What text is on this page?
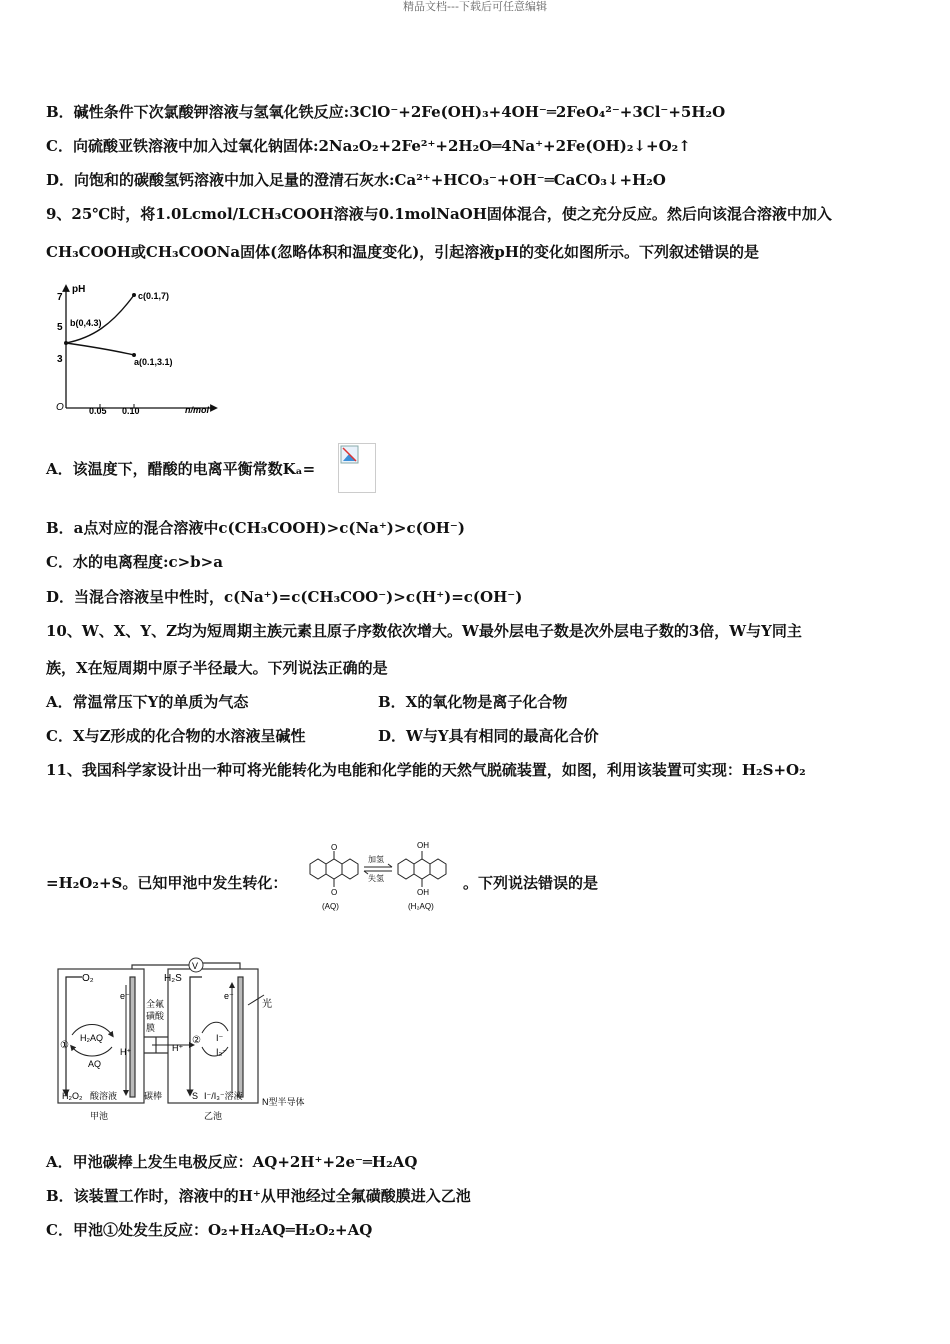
精品文档---下载后可任意编辑
B．碱性条件下次氯酸钾溶液与氢氧化铁反应:3ClO⁻+2Fe(OH)₃+4OH⁻═2FeO₄²⁻+3Cl⁻+5H₂O
C．向硫酸亚铁溶液中加入过氧化钠固体:2Na₂O₂+2Fe²⁺+2H₂O═4Na⁺+2Fe(OH)₂↓+O₂↑
D．向饱和的碳酸氢钙溶液中加入足量的澄清石灰水:Ca²⁺+HCO₃⁻+OH⁻═CaCO₃↓+H₂O
9、25℃时，将1.0Lcmol/LCH₃COOH溶液与0.1molNaOH固体混合，使之充分反应。然后向该混合溶液中加入
CH₃COOH或CH₃COONa固体(忽略体积和温度变化)，引起溶液pH的变化如图所示。下列叙述错误的是
pH
n/mol
O
7
5
3
0.05 0.10
b(0,4.3)
c(0.1,7)
a(0.1,3.1)
A．该温度下，醋酸的电离平衡常数Kₐ=
B．a点对应的混合溶液中c(CH₃COOH)>c(Na⁺)>c(OH⁻)
C．水的电离程度:c>b>a
D．当混合溶液呈中性时，c(Na⁺)=c(CH₃COO⁻)>c(H⁺)=c(OH⁻)
10、W、X、Y、Z均为短周期主族元素且原子序数依次增大。W最外层电子数是次外层电子数的3倍，W与Y同主
族，X在短周期中原子半径最大。下列说法正确的是
A．常温常压下Y的单质为气态	B．X的氧化物是离子化合物
C．X与Z形成的化合物的水溶液呈碱性	D．W与Y具有相同的最高化合价
11、我国科学家设计出一种可将光能转化为电能和化学能的天然气脱硫装置，如图，利用该装置可实现：H₂S+O₂
=H₂O₂+S。已知甲池中发生转化：
O
O
(AQ)
加氢
失氢
OH
OH
(H₂AQ)
。下列说法错误的是
V
O₂	H₂S
e⁻	e⁻
全氟
磺酸
膜
光
①	②
H₂AQ
AQ
H⁺	H⁺
I⁻
I₃⁻
H₂O₂ 酸溶液	碳棒	S I⁻/I₃⁻溶液
甲池	乙池
N型半导体
A．甲池碳棒上发生电极反应：AQ+2H⁺+2e⁻═H₂AQ
B．该装置工作时，溶液中的H⁺从甲池经过全氟磺酸膜进入乙池
C．甲池①处发生反应：O₂+H₂AQ═H₂O₂+AQ
